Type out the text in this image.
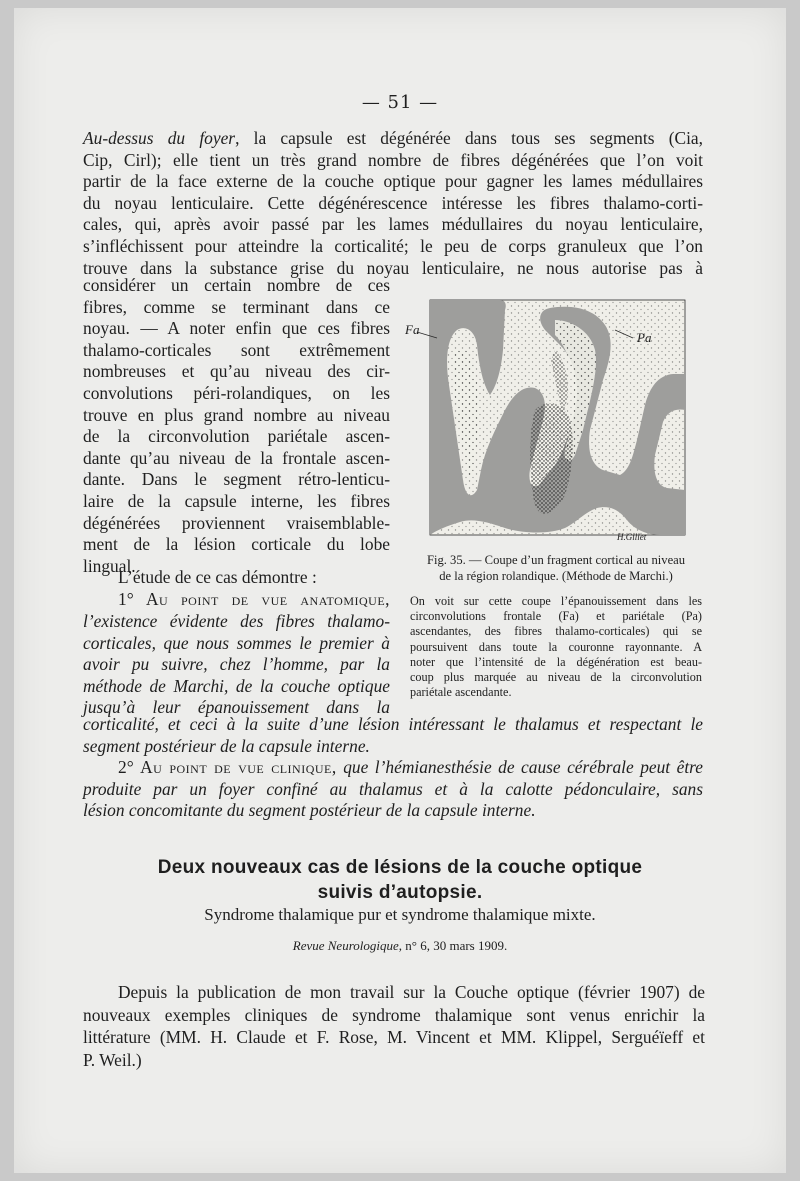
— 51 —
Au-dessus du foyer, la capsule est dégénérée dans tous ses segments (Cia,
Cip, Cirl); elle tient un très grand nombre de fibres dégénérées que l’on voit
partir de la face externe de la couche optique pour gagner les lames médullaires
du noyau lenticulaire. Cette dégénérescence intéresse les fibres thalamo-corti-
cales, qui, après avoir passé par les lames médullaires du noyau lenticulaire,
s’infléchissent pour atteindre la corticalité; le peu de corps granuleux que l’on
trouve dans la substance grise du noyau lenticulaire, ne nous autorise pas à
considérer un certain nombre de ces
fibres, comme se terminant dans ce
noyau. — A noter enfin que ces fibres
thalamo-corticales sont extrêmement
nombreuses et qu’au niveau des cir-
convolutions péri-rolandiques, on les
trouve en plus grand nombre au niveau
de la circonvolution pariétale ascen-
dante qu’au niveau de la frontale ascen-
dante. Dans le segment rétro-lenticu-
laire de la capsule interne, les fibres
dégénérées proviennent vraisemblable-
ment de la lésion corticale du lobe
lingual.
L’étude de ce cas démontre :
1° Au point de vue anatomique,
l’existence évidente des fibres thalamo-
corticales, que nous sommes le premier à
avoir pu suivre, chez l’homme, par la
méthode de Marchi, de la couche optique
jusqu’à leur épanouissement dans la
corticalité, et ceci à la suite d’une lésion intéressant le thalamus et respectant le
segment postérieur de la capsule interne.
2° Au point de vue clinique, que l’hémianesthésie de cause cérébrale peut être
produite par un foyer confiné au thalamus et à la calotte pédonculaire, sans
lésion concomitante du segment postérieur de la capsule interne.
Fa
Pa
H.Gillet
Fig. 35. — Coupe d’un fragment cortical au niveau
de la région rolandique. (Méthode de Marchi.)
On voit sur cette coupe l’épanouissement dans les
circonvolutions frontale (Fa) et pariétale (Pa)
ascendantes, des fibres thalamo-corticales) qui se
poursuivent dans toute la couronne rayonnante. A
noter que l’intensité de la dégénération est beau-
coup plus marquée au niveau de la circonvolution
pariétale ascendante.
Deux nouveaux cas de lésions de la couche optique
suivis d’autopsie.
Syndrome thalamique pur et syndrome thalamique mixte.
Revue Neurologique, n° 6, 30 mars 1909.
Depuis la publication de mon travail sur la Couche optique (février 1907) de
nouveaux exemples cliniques de syndrome thalamique sont venus enrichir la
littérature (MM. H. Claude et F. Rose, M. Vincent et MM. Klippel, Serguéïeff et
P. Weil.)
